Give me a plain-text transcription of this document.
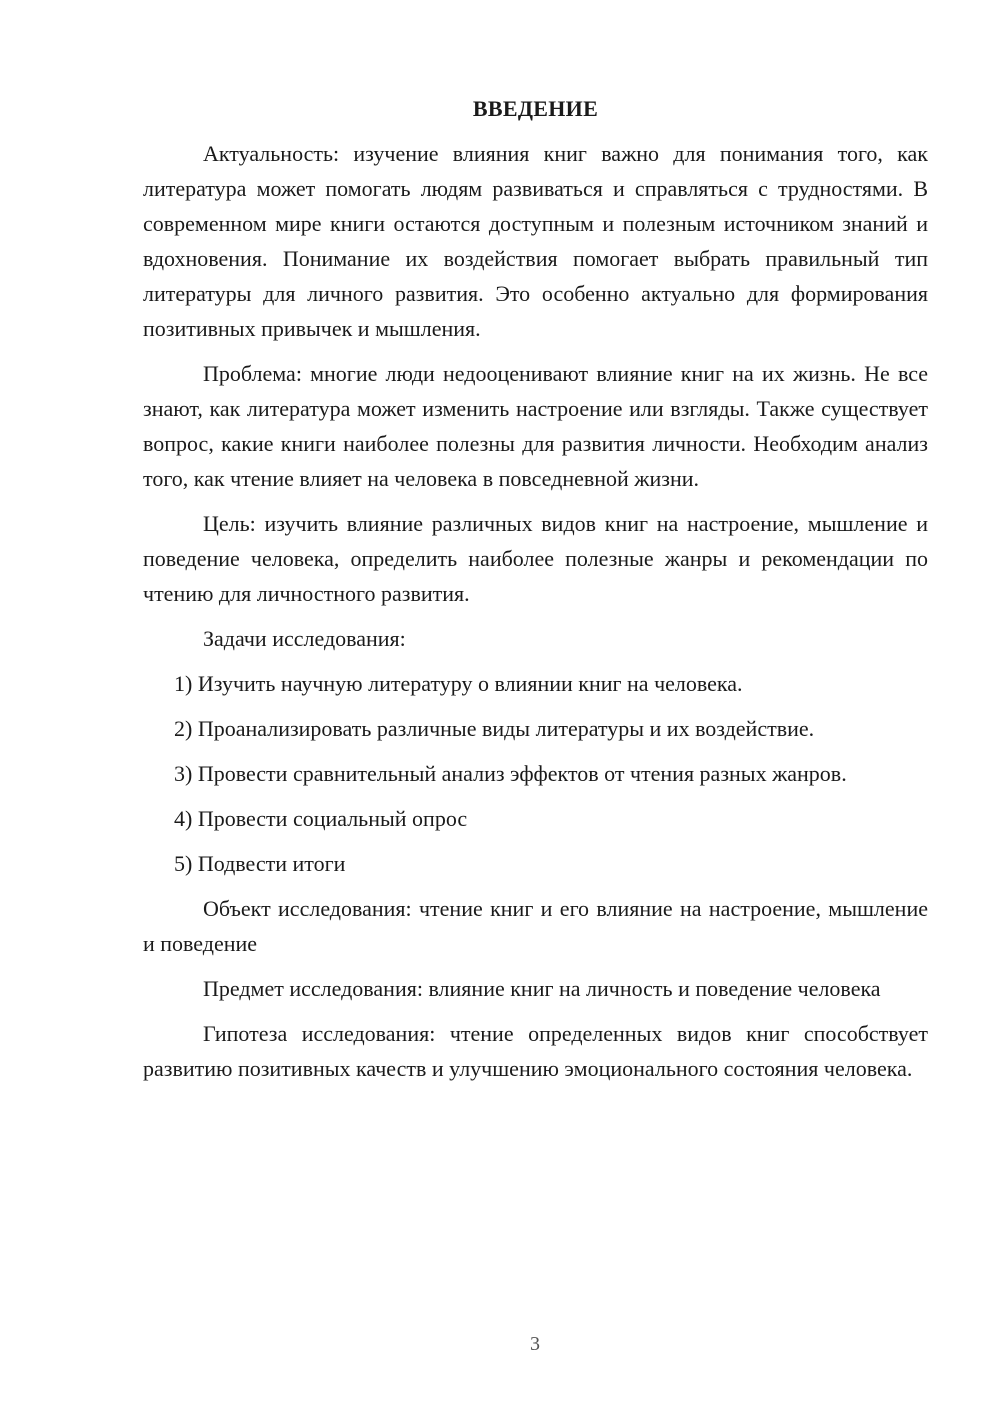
ВВЕДЕНИЕ

Актуальность: изучение влияния книг важно для понимания того, как литература может помогать людям развиваться и справляться с трудностями. В современном мире книги остаются доступным и полезным источником знаний и вдохновения. Понимание их воздействия помогает выбрать правильный тип литературы для личного развития. Это особенно актуально для формирования позитивных привычек и мышления.

Проблема: многие люди недооценивают влияние книг на их жизнь. Не все знают, как литература может изменить настроение или взгляды. Также существует вопрос, какие книги наиболее полезны для развития личности. Необходим анализ того, как чтение влияет на человека в повседневной жизни.

Цель: изучить влияние различных видов книг на настроение, мышление и поведение человека, определить наиболее полезные жанры и рекомендации по чтению для личностного развития.

Задачи исследования:

1) Изучить научную литературу о влиянии книг на человека.

2) Проанализировать различные виды литературы и их воздействие.

3) Провести сравнительный анализ эффектов от чтения разных жанров.

4) Провести социальный опрос

5) Подвести итоги

Объект исследования: чтение книг и его влияние на настроение, мышление и поведение

Предмет исследования: влияние книг на личность и поведение человека

Гипотеза исследования: чтение определенных видов книг способствует развитию позитивных качеств и улучшению эмоционального состояния человека.

3
